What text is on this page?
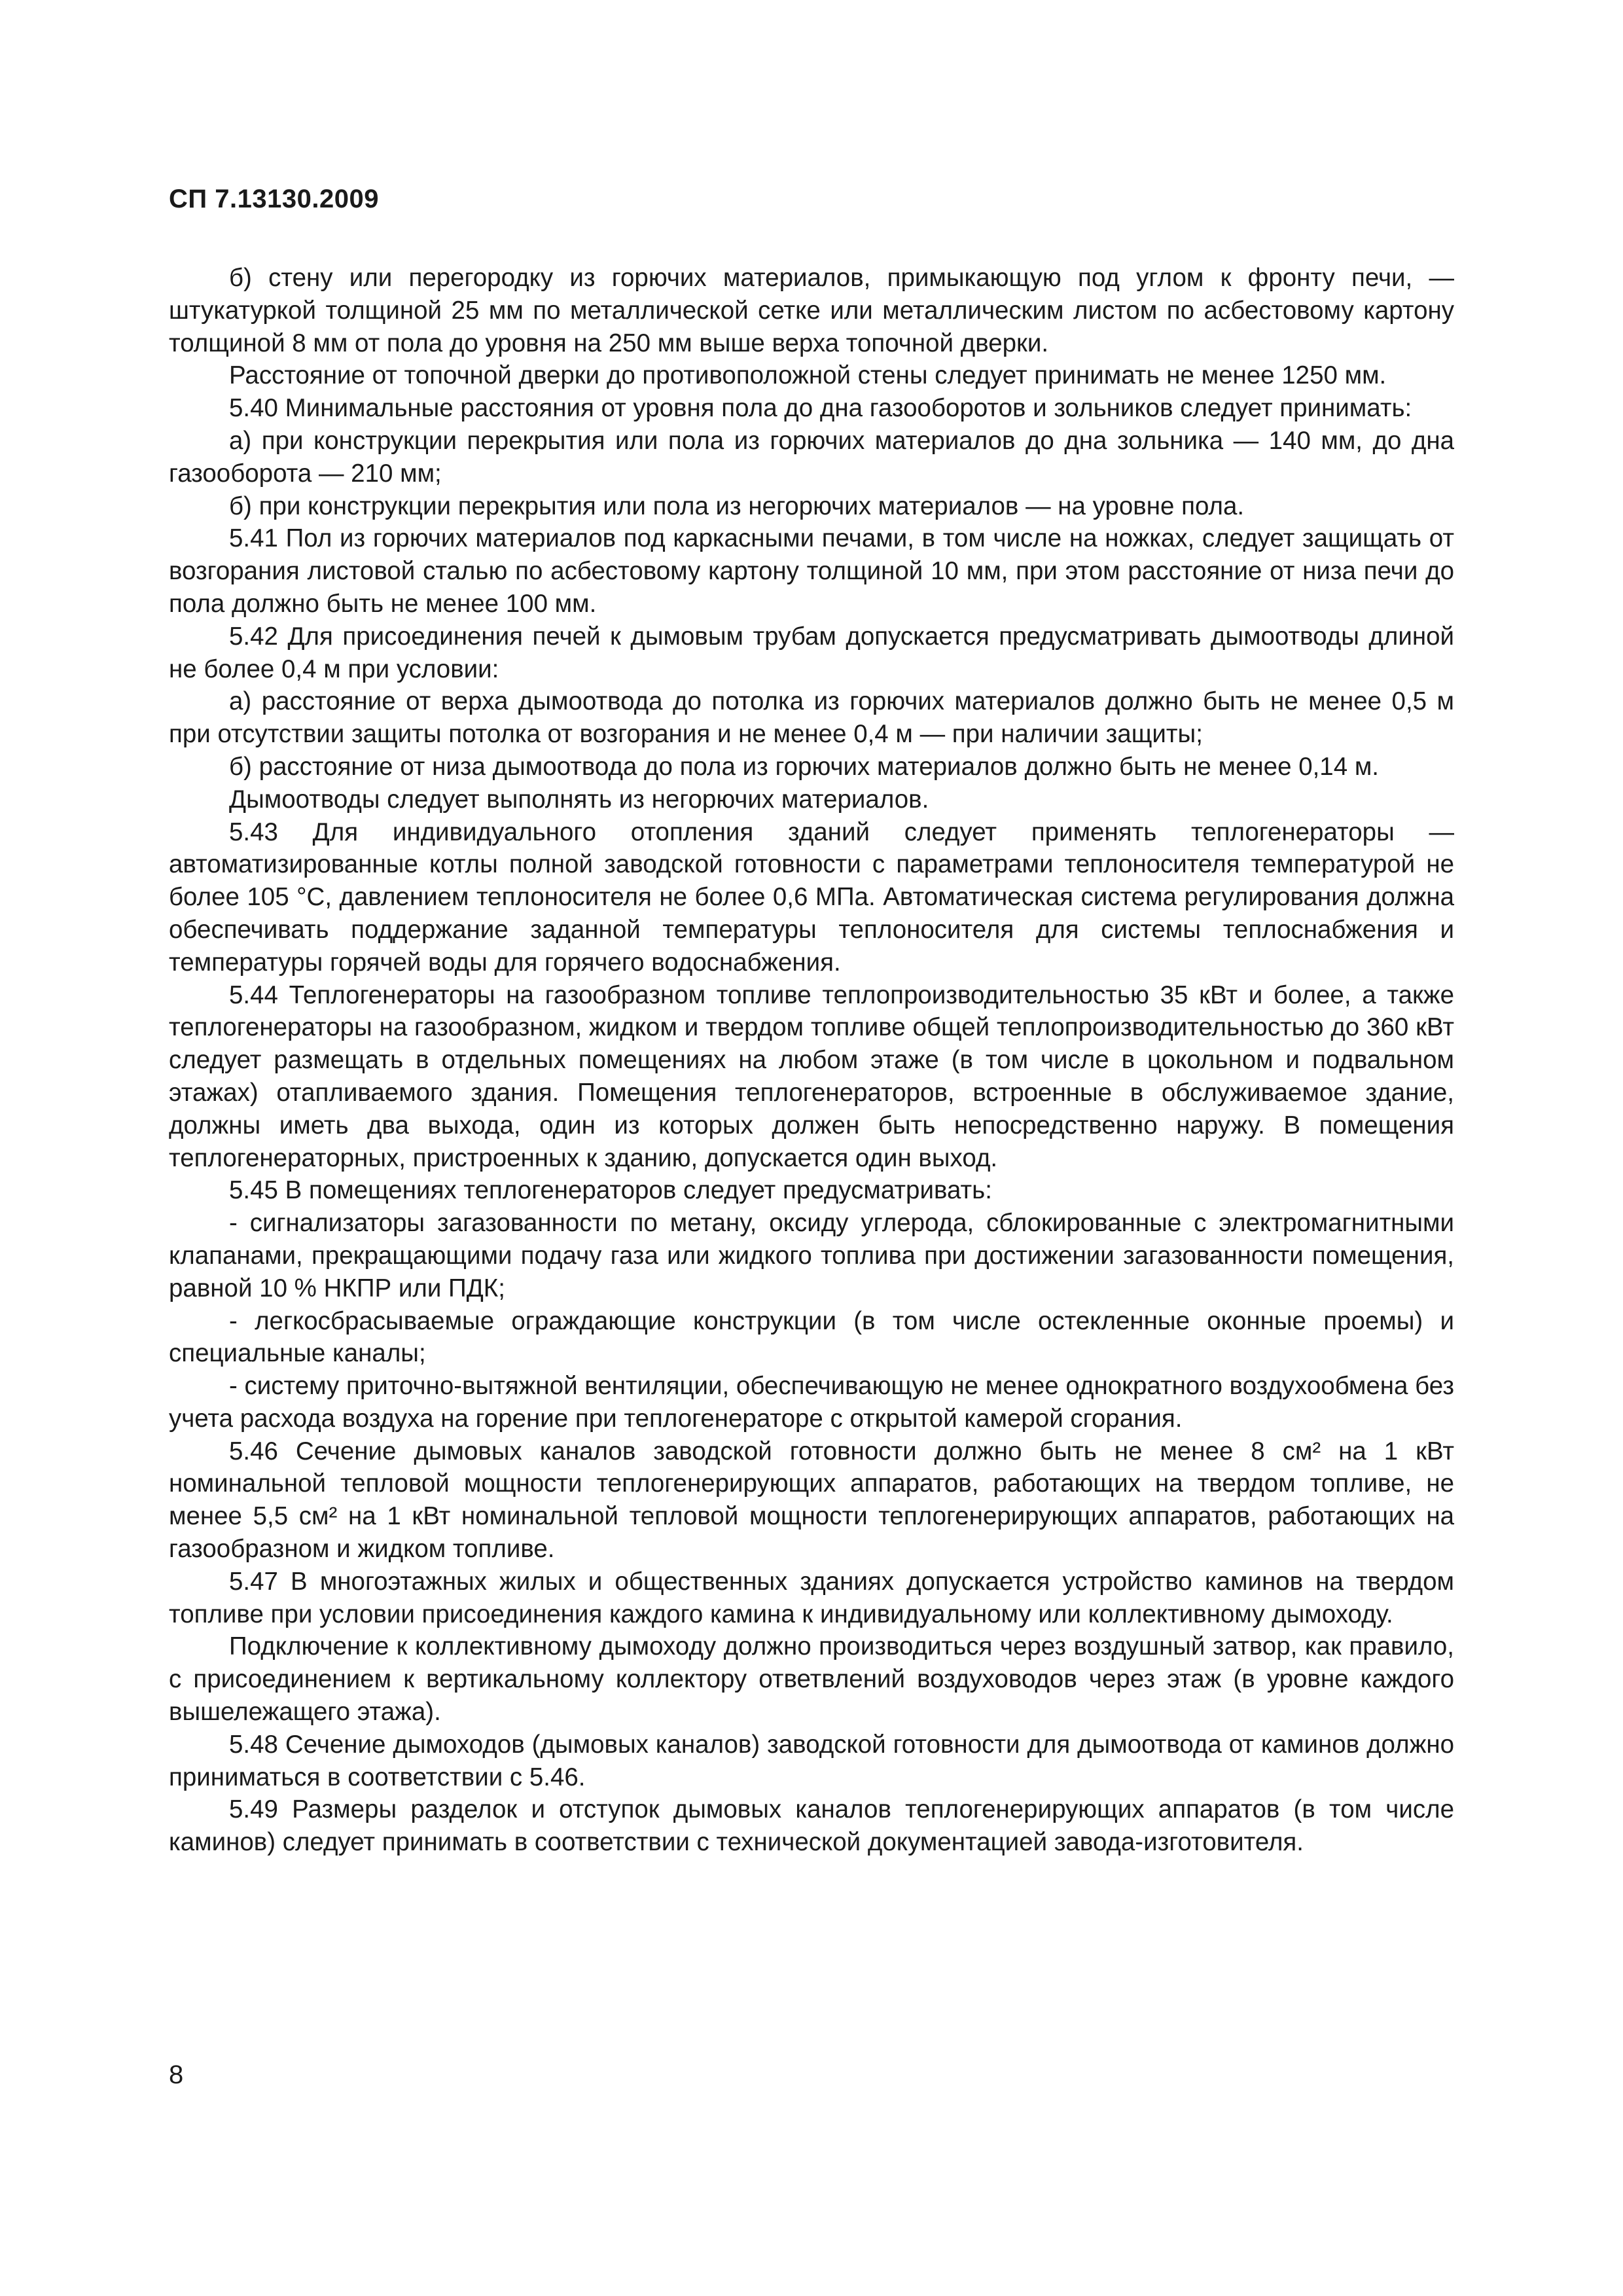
СП 7.13130.2009

б) стену или перегородку из горючих материалов, примыкающую под углом к фронту печи, — штукатуркой толщиной 25 мм по металлической сетке или металлическим листом по асбестовому картону толщиной 8 мм от пола до уровня на 250 мм выше верха топочной дверки.

Расстояние от топочной дверки до противоположной стены следует принимать не менее 1250 мм.

5.40 Минимальные расстояния от уровня пола до дна газооборотов и зольников следует принимать:

а) при конструкции перекрытия или пола из горючих материалов до дна зольника — 140 мм, до дна газооборота — 210 мм;

б) при конструкции перекрытия или пола из негорючих материалов — на уровне пола.

5.41 Пол из горючих материалов под каркасными печами, в том числе на ножках, следует защищать от возгорания листовой сталью по асбестовому картону толщиной 10 мм, при этом расстояние от низа печи до пола должно быть не менее 100 мм.

5.42 Для присоединения печей к дымовым трубам допускается предусматривать дымоотводы длиной не более 0,4 м при условии:

а) расстояние от верха дымоотвода до потолка из горючих материалов должно быть не менее 0,5 м при отсутствии защиты потолка от возгорания и не менее 0,4 м — при наличии защиты;

б) расстояние от низа дымоотвода до пола из горючих материалов должно быть не менее 0,14 м.

Дымоотводы следует выполнять из негорючих материалов.

5.43 Для индивидуального отопления зданий следует применять теплогенераторы — автоматизированные котлы полной заводской готовности с параметрами теплоносителя температурой не более 105 °С, давлением теплоносителя не более 0,6 МПа. Автоматическая система регулирования должна обеспечивать поддержание заданной температуры теплоносителя для системы теплоснабжения и температуры горячей воды для горячего водоснабжения.

5.44 Теплогенераторы на газообразном топливе теплопроизводительностью 35 кВт и более, а также теплогенераторы на газообразном, жидком и твердом топливе общей теплопроизводительностью до 360 кВт следует размещать в отдельных помещениях на любом этаже (в том числе в цокольном и подвальном этажах) отапливаемого здания. Помещения теплогенераторов, встроенные в обслуживаемое здание, должны иметь два выхода, один из которых должен быть непосредственно наружу. В помещения теплогенераторных, пристроенных к зданию, допускается один выход.

5.45 В помещениях теплогенераторов следует предусматривать:

- сигнализаторы загазованности по метану, оксиду углерода, сблокированные с электромагнитными клапанами, прекращающими подачу газа или жидкого топлива при достижении загазованности помещения, равной 10 % НКПР или ПДК;

- легкосбрасываемые ограждающие конструкции (в том числе остекленные оконные проемы) и специальные каналы;

- систему приточно-вытяжной вентиляции, обеспечивающую не менее однократного воздухообмена без учета расхода воздуха на горение при теплогенераторе с открытой камерой сгорания.

5.46 Сечение дымовых каналов заводской готовности должно быть не менее 8 см² на 1 кВт номинальной тепловой мощности теплогенерирующих аппаратов, работающих на твердом топливе, не менее 5,5 см² на 1 кВт номинальной тепловой мощности теплогенерирующих аппаратов, работающих на газообразном и жидком топливе.

5.47 В многоэтажных жилых и общественных зданиях допускается устройство каминов на твердом топливе при условии присоединения каждого камина к индивидуальному или коллективному дымоходу.

Подключение к коллективному дымоходу должно производиться через воздушный затвор, как правило, с присоединением к вертикальному коллектору ответвлений воздуховодов через этаж (в уровне каждого вышележащего этажа).

5.48 Сечение дымоходов (дымовых каналов) заводской готовности для дымоотвода от каминов должно приниматься в соответствии с 5.46.

5.49 Размеры разделок и отступок дымовых каналов теплогенерирующих аппаратов (в том числе каминов) следует принимать в соответствии с технической документацией завода-изготовителя.

8
